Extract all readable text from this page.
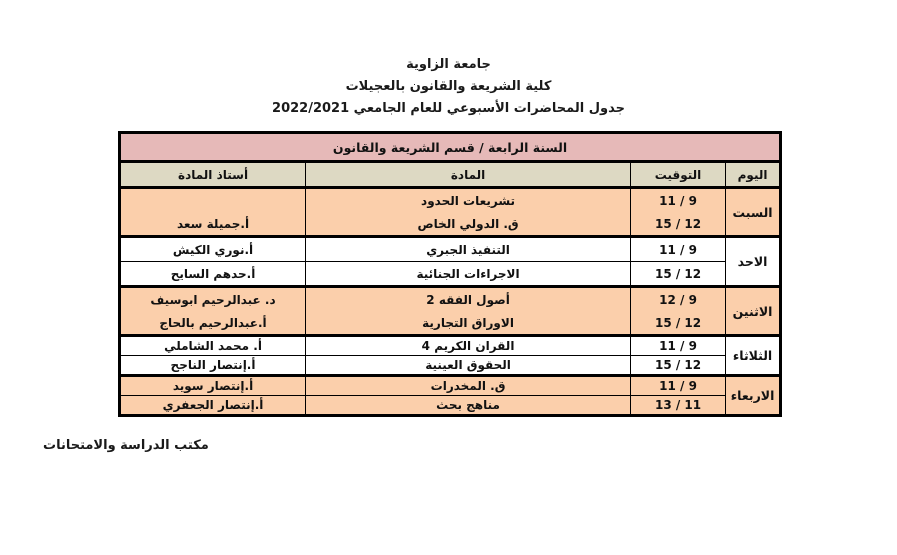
جامعة الزاوية
كلية الشريعة والقانون بالعجيلات
جدول المحاضرات الأسبوعي للعام الجامعي 2022/2021
السنة الرابعة / قسم الشريعة والقانون			
اليوم	التوقيت	المادة	أستاذ المادة
السبت	11 / 9	تشريعات الحدود	
	15 / 12	ق. الدولي الخاص	أ.جميلة سعد
الاحد	11 / 9	التنفيذ الجبري	أ.نوري الكيش
	15 / 12	الاجراءات الجنائية	أ.حدهم السايح
الاثنين	12 / 9	أصول الفقه 2	د. عبدالرحيم ابوسيف
	15 / 12	الاوراق التجارية	أ.عبدالرحيم بالحاج
الثلاثاء	11 / 9	القران الكريم 4	أ. محمد الشاملي
	15 / 12	الحقوق العينية	أ.إنتصار الناجح
الاربعاء	11 / 9	ق. المخدرات	أ.إنتصار سويد
	13 / 11	مناهج بحث	أ.إنتصار الجعفري
مكتب الدراسة والامتحانات
